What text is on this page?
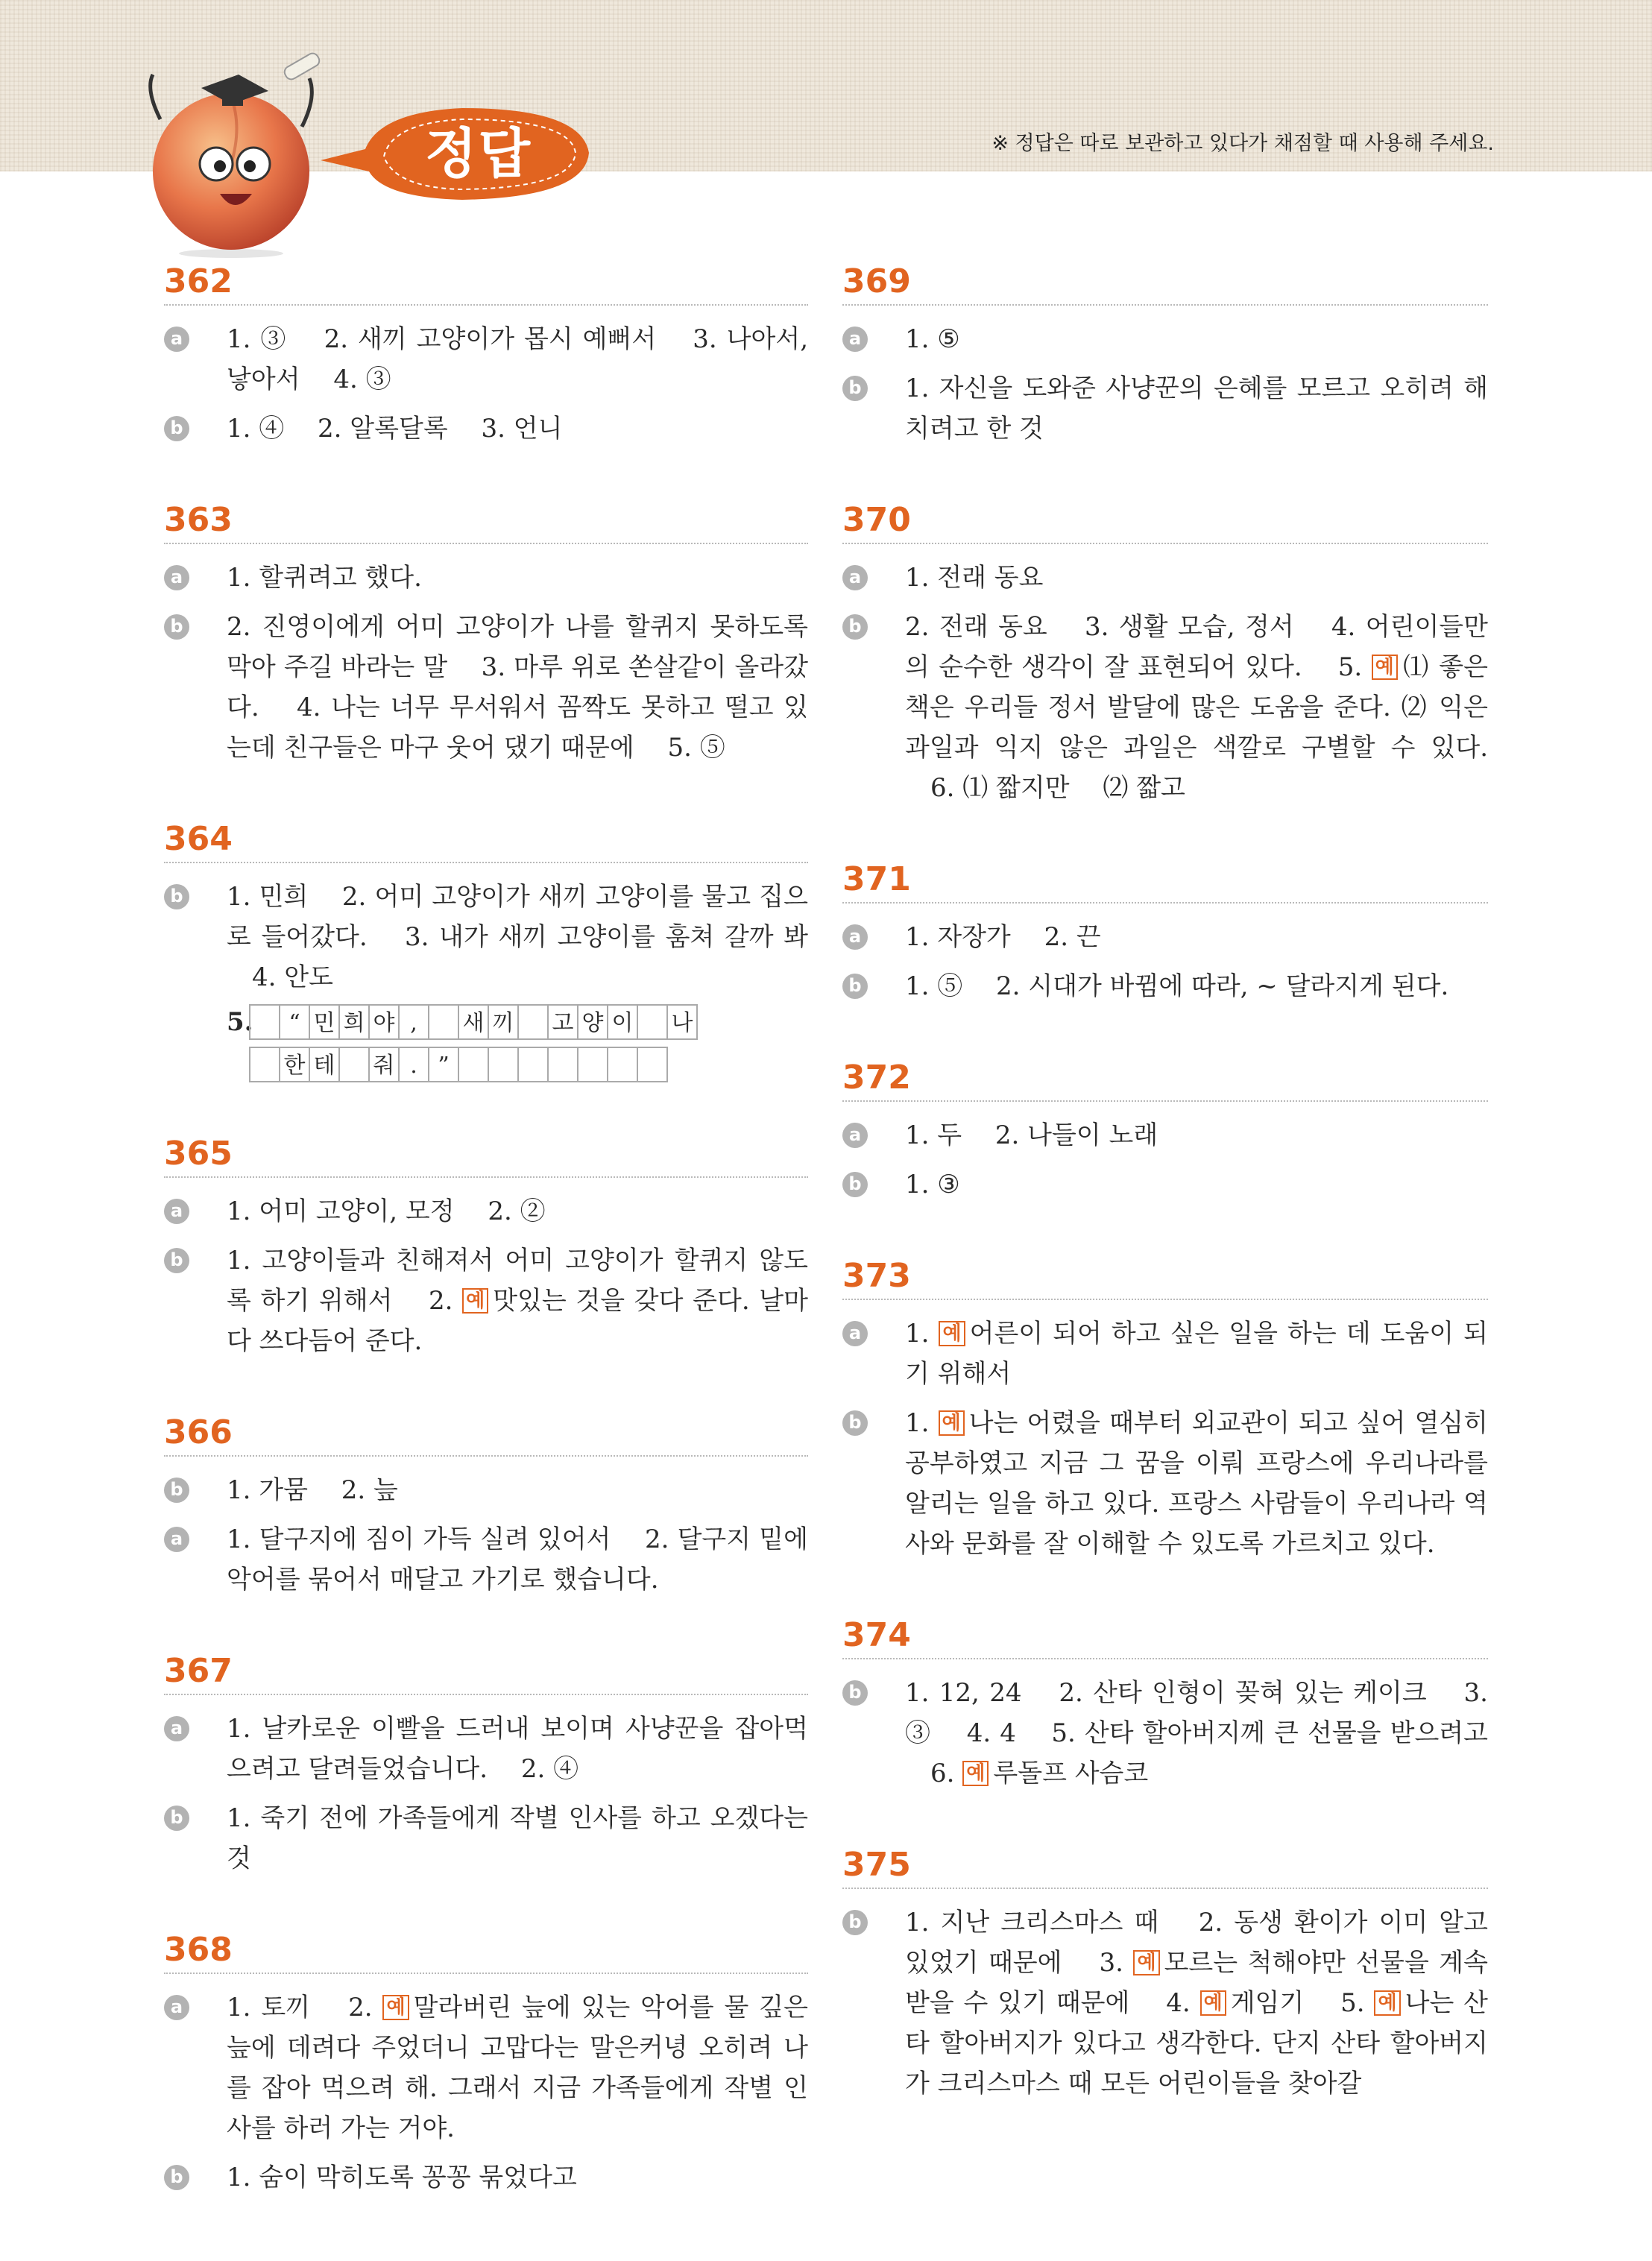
정답	※ 정답은 따로 보관하고 있다가 채점할 때 사용해 주세요.
362
a 1. ③ 　2. 새끼 고양이가 몹시 예뻐서 　3. 나아서, 낳아서 　4. ③
b 1. ④ 　2. 알록달록 　3. 언니
363
a 1. 할퀴려고 했다.
b 2. 진영이에게 어미 고양이가 나를 할퀴지 못하도록 막아 주길 바라는 말 　3. 마루 위로 쏜살같이 올라갔다. 　4. 나는 너무 무서워서 꼼짝도 못하고 떨고 있는데 친구들은 마구 웃어 댔기 때문에 　5. ⑤
364
b 1. 민희 　2. 어미 고양이가 새끼 고양이를 물고 집으로 들어갔다. 　3. 내가 새끼 고양이를 훔쳐 갈까 봐 　4. 안도
5.	“ 민 희 야 ,	새 끼 고 양 이 나
한 테 줘 . ”
365
a 1. 어미 고양이, 모정 　2. ②
b 1. 고양이들과 친해져서 어미 고양이가 할퀴지 않도록 하기 위해서 　2. 예 맛있는 것을 갖다 준다. 날마다 쓰다듬어 준다.
366
b 1. 가뭄 　2. 늪
a 1. 달구지에 짐이 가득 실려 있어서 　2. 달구지 밑에 악어를 묶어서 매달고 가기로 했습니다.
367
a 1. 날카로운 이빨을 드러내 보이며 사냥꾼을 잡아먹으려고 달려들었습니다. 　2. ④
b 1. 죽기 전에 가족들에게 작별 인사를 하고 오겠다는 것
368
a 1. 토끼 　2. 예 말라버린 늪에 있는 악어를 물 깊은 늪에 데려다 주었더니 고맙다는 말은커녕 오히려 나를 잡아 먹으려 해. 그래서 지금 가족들에게 작별 인사를 하러 가는 거야.
b 1. 숨이 막히도록 꽁꽁 묶었다고
369
a 1. ⑤
b 1. 자신을 도와준 사냥꾼의 은혜를 모르고 오히려 해치려고 한 것
370
a 1. 전래 동요
b 2. 전래 동요 　3. 생활 모습, 정서 　4. 어린이들만의 순수한 생각이 잘 표현되어 있다. 　5. 예 ⑴ 좋은 책은 우리들 정서 발달에 많은 도움을 준다. ⑵ 익은 과일과 익지 않은 과일은 색깔로 구별할 수 있다. 　6. ⑴ 짧지만 　⑵ 짧고
371
a 1. 자장가 　2. 끈
b 1. ⑤ 　2. 시대가 바뀜에 따라, ~ 달라지게 된다.
372
a 1. 두 　2. 나들이 노래
b 1. ③
373
a 1. 예 어른이 되어 하고 싶은 일을 하는 데 도움이 되기 위해서
b 1. 예 나는 어렸을 때부터 외교관이 되고 싶어 열심히 공부하였고 지금 그 꿈을 이뤄 프랑스에 우리나라를 알리는 일을 하고 있다. 프랑스 사람들이 우리나라 역사와 문화를 잘 이해할 수 있도록 가르치고 있다.
374
b 1. 12, 24 　2. 산타 인형이 꽂혀 있는 케이크 　3. ③ 　4. 4 　5. 산타 할아버지께 큰 선물을 받으려고 　6. 예 루돌프 사슴코
375
b 1. 지난 크리스마스 때 　2. 동생 환이가 이미 알고 있었기 때문에 　3. 예 모르는 척해야만 선물을 계속 받을 수 있기 때문에 　4. 예 게임기 　5. 예 나는 산타 할아버지가 있다고 생각한다. 단지 산타 할아버지가 크리스마스 때 모든 어린이들을 찾아갈
